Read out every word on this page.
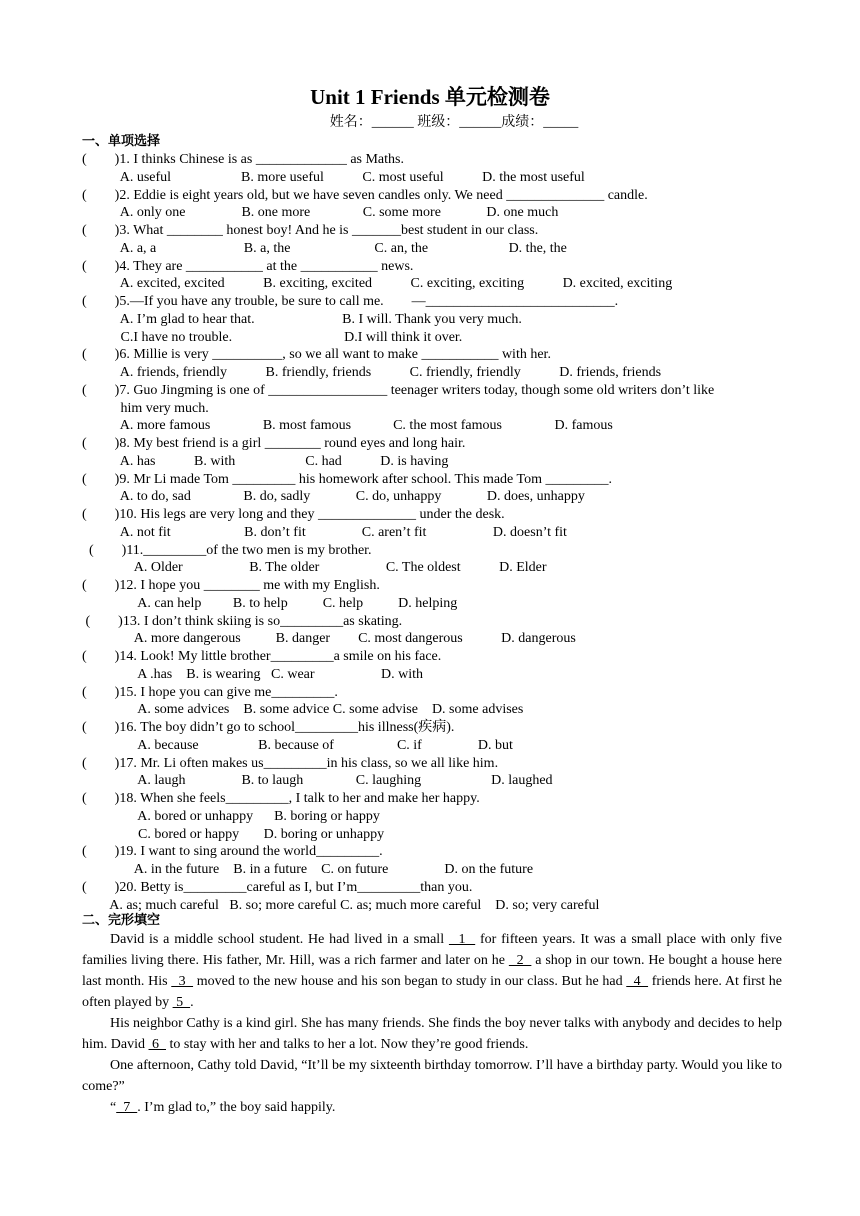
Unit 1 Friends 单元检测卷
姓名：______ 班级：______成绩：_____
一、单项选择
(        )1. I thinks Chinese is as _____________ as Maths.
A. useful                    B. more useful           C. most useful           D. the most useful
(        )2. Eddie is eight years old, but we have seven candles only. We need ______________ candle.
A. only one                B. one more               C. some more             D. one much
(        )3. What ________ honest boy! And he is _______best student in our class.
A. a, a                         B. a, the                        C. an, the                       D. the, the
(        )4. They are ___________ at the ___________ news.
A. excited, excited           B. exciting, excited           C. exciting, exciting           D. excited, exciting
(        )5.—If you have any trouble, be sure to call me.        —___________________________.
A. I’m glad to hear that.                         B. I will. Thank you very much.
C.I have no trouble.                                D.I will think it over.
(        )6. Millie is very __________, so we all want to make ___________ with her.
A. friends, friendly           B. friendly, friends           C. friendly, friendly           D. friends, friends
(        )7. Guo Jingming is one of _________________ teenager writers today, though some old writers don’t like
him very much.
A. more famous               B. most famous            C. the most famous               D. famous
(        )8. My best friend is a girl ________ round eyes and long hair.
A. has           B. with                    C. had           D. is having
(        )9. Mr Li made Tom _________ his homework after school. This made Tom _________.
A. to do, sad               B. do, sadly             C. do, unhappy             D. does, unhappy
(        )10. His legs are very long and they ______________ under the desk.
A. not fit                     B. don’t fit                C. aren’t fit                   D. doesn’t fit
(        )11._________of the two men is my brother.
A. Older                   B. The older                   C. The oldest           D. Elder
(        )12. I hope you ________ me with my English.
A. can help         B. to help          C. help          D. helping
(        )13. I don’t think skiing is so_________as skating.
A. more dangerous          B. danger        C. most dangerous           D. dangerous
(        )14. Look! My little brother_________a smile on his face.
A .has    B. is wearing   C. wear                   D. with
(        )15. I hope you can give me_________.
A. some advices    B. some advice C. some advise    D. some advises
(        )16. The boy didn’t go to school_________his illness(疾病).
A. because                 B. because of                  C. if                D. but
(        )17. Mr. Li often makes us_________in his class, so we all like him.
A. laugh                B. to laugh               C. laughing                    D. laughed
(        )18. When she feels_________, I talk to her and make her happy.
A. bored or unhappy      B. boring or happy
C. bored or happy       D. boring or unhappy
(        )19. I want to sing around the world_________.
A. in the future    B. in a future    C. on future                D. on the future
(        )20. Betty is_________careful as I, but I’m_________than you.
A. as; much careful   B. so; more careful C. as; much more careful    D. so; very careful
二、完形填空
David is a middle school student. He had lived in a small   1   for fifteen years. It was a small place with only five families living there. His father, Mr. Hill, was a rich farmer and later on he   2   a shop in our town. He bought a house here last month. His   3   moved to the new house and his son began to study in our class. But he had   4   friends here. At first he often played by  5  .
His neighbor Cathy is a kind girl. She has many friends. She finds the boy never talks with anybody and decides to help him. David  6   to stay with her and talks to her a lot. Now they’re good friends.
One afternoon, Cathy told David, “It’ll be my sixteenth birthday tomorrow. I’ll have a birthday party. Would you like to come?”
“  7  . I’m glad to,” the boy said happily.
